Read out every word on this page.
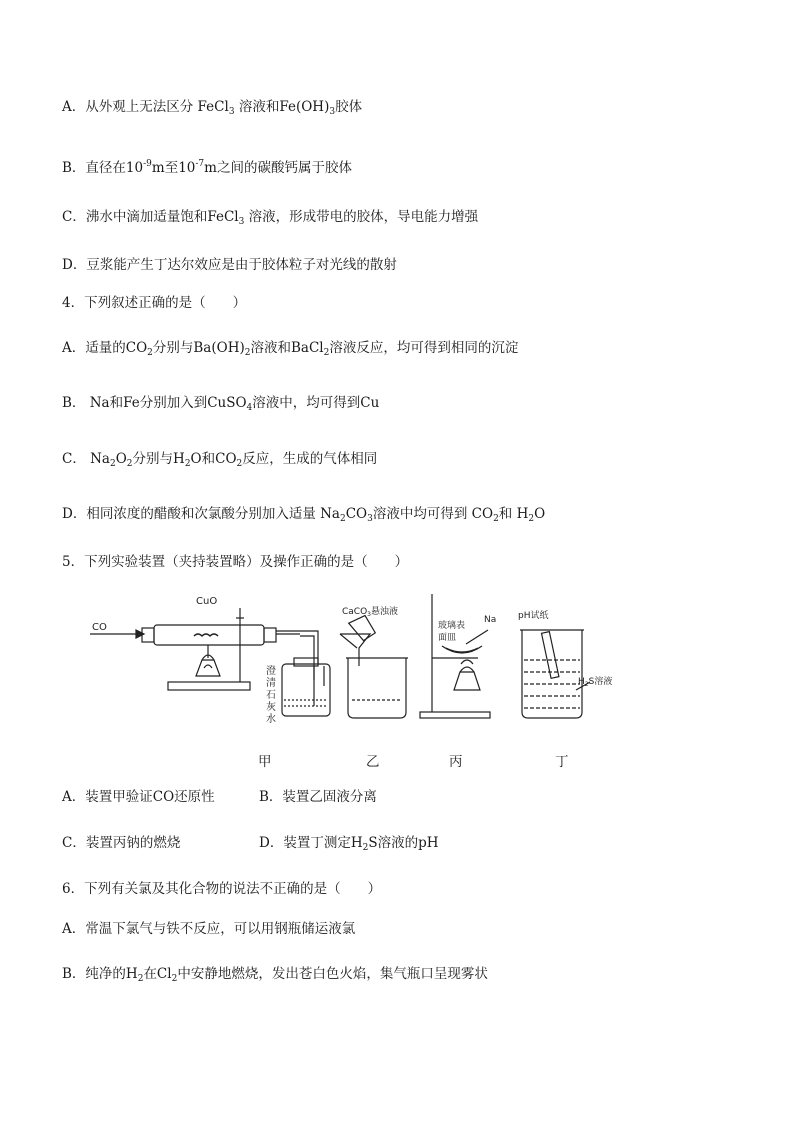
A．从外观上无法区分 FeCl$_3$ 溶液和$Fe(OH)_3$胶体
B．直径在$10^{-9}m$至$10^{-7}m$之间的碳酸钙属于胶体
C．沸水中滴加适量饱和FeCl$_3$ 溶液，形成带电的胶体，导电能力增强
D．豆浆能产生丁达尔效应是由于胶体粒子对光线的散射
4．下列叙述正确的是（　　）
A．适量的$CO_2$分别与$Ba(OH)_2$溶液和BaCl$_2$溶液反应，均可得到相同的沉淀
B． Na和Fe分别加入到CuSO$_4$溶液中，均可得到Cu
C． $Na_2O_2$分别与$H_2O$和$CO_2$反应，生成的气体相同
D．相同浓度的醋酸和次氯酸分别加入适量 $Na_2CO_3$溶液中均可得到 $CO_2$和 $H_2O$
5．下列实验装置（夹持装置略）及操作正确的是（　　）
CO
CuO
澄
清
石
灰
水
CaCO$_3$悬浊液
玻璃表
面皿
Na pH试纸
$H_2S$溶液
甲	乙	丙	丁
A．装置甲验证CO还原性	B．装置乙固液分离
C．装置丙钠的燃烧	D．装置丁测定$H_2S$溶液的pH
6．下列有关氯及其化合物的说法不正确的是（　　）
A．常温下氯气与铁不反应，可以用钢瓶储运液氯
B．纯净的$H_2$在$Cl_2$中安静地燃烧，发出苍白色火焰，集气瓶口呈现雾状
